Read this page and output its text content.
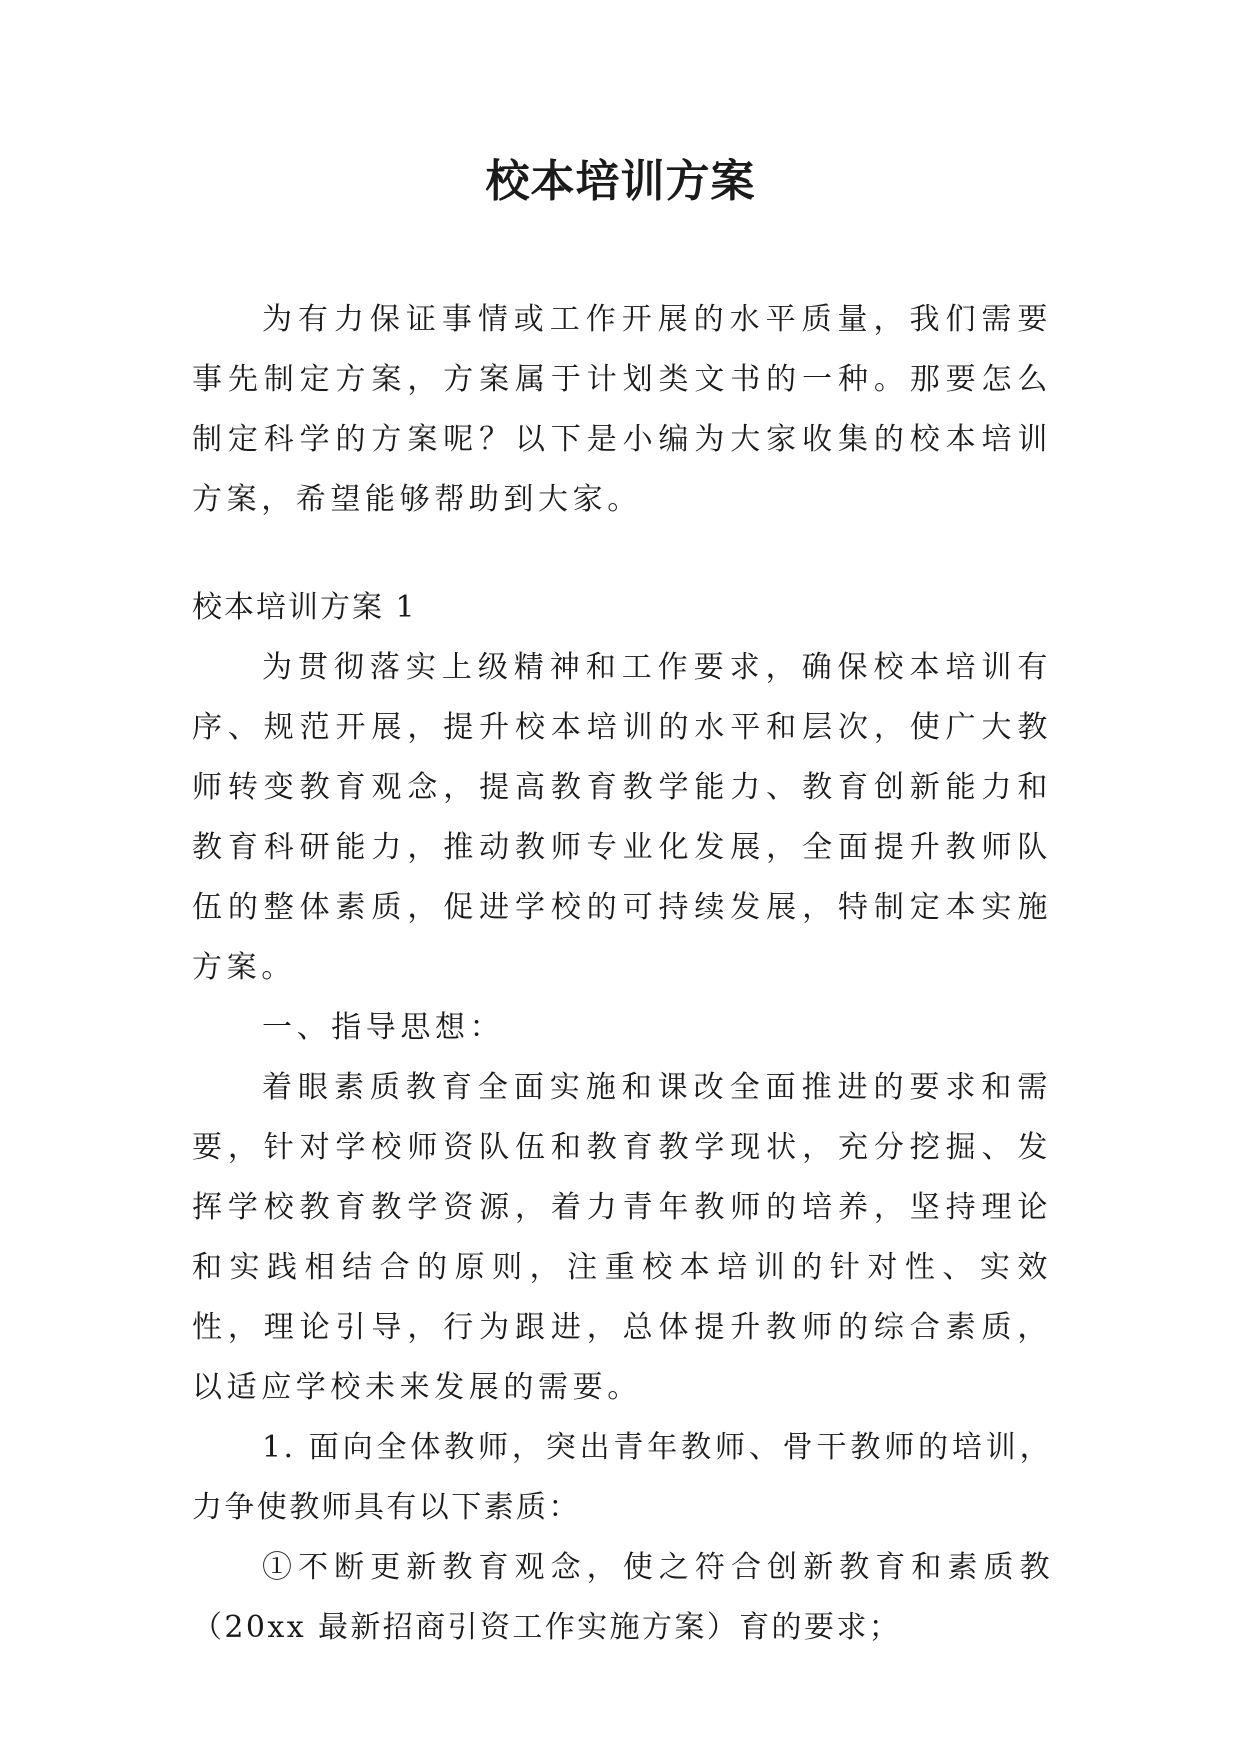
校本培训方案

为有力保证事情或工作开展的水平质量，我们需要事先制定方案，方案属于计划类文书的一种。那要怎么制定科学的方案呢？以下是小编为大家收集的校本培训方案，希望能够帮助到大家。

校本培训方案 1

为贯彻落实上级精神和工作要求，确保校本培训有序、规范开展，提升校本培训的水平和层次，使广大教师转变教育观念，提高教育教学能力、教育创新能力和教育科研能力，推动教师专业化发展，全面提升教师队伍的整体素质，促进学校的可持续发展，特制定本实施方案。

一、指导思想：

着眼素质教育全面实施和课改全面推进的要求和需要，针对学校师资队伍和教育教学现状，充分挖掘、发挥学校教育教学资源，着力青年教师的培养，坚持理论和实践相结合的原则，注重校本培训的针对性、实效性，理论引导，行为跟进，总体提升教师的综合素质，以适应学校未来发展的需要。

1. 面向全体教师，突出青年教师、骨干教师的培训，力争使教师具有以下素质：

①不断更新教育观念，使之符合创新教育和素质教（20xx 最新招商引资工作实施方案）育的要求；
